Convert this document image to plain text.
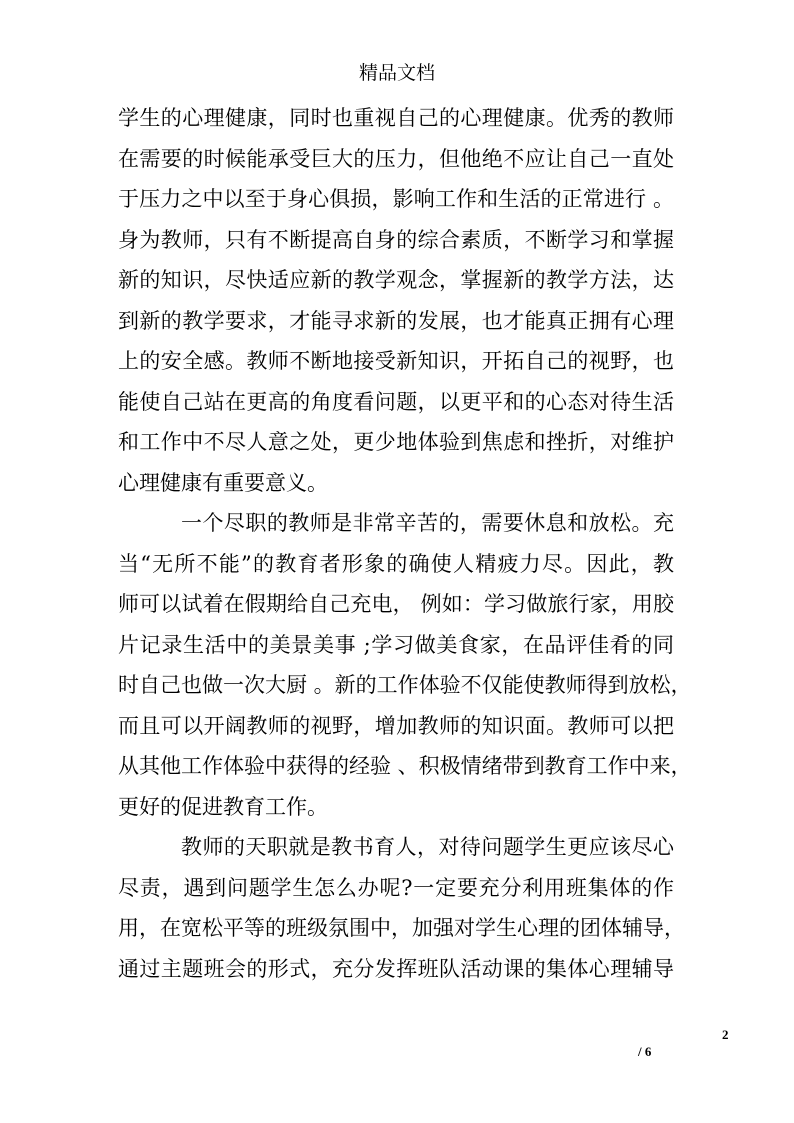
精品文档
学生的心理健康，同时也重视自己的心理健康。优秀的教师
在需要的时候能承受巨大的压力，但他绝不应让自己一直处
于压力之中以至于身心俱损，影响工作和生活的正常进行 。
身为教师，只有不断提高自身的综合素质，不断学习和掌握
新的知识，尽快适应新的教学观念，掌握新的教学方法，达
到新的教学要求，才能寻求新的发展，也才能真正拥有心理
上的安全感。教师不断地接受新知识，开拓自己的视野，也
能使自己站在更高的角度看问题，以更平和的心态对待生活
和工作中不尽人意之处，更少地体验到焦虑和挫折，对维护
心理健康有重要意义。
一个尽职的教师是非常辛苦的，需要休息和放松。充
当“无所不能”的教育者形象的确使人精疲力尽。因此，教
师可以试着在假期给自己充电， 例如：学习做旅行家，用胶
片记录生活中的美景美事 ;学习做美食家，在品评佳肴的同
时自己也做一次大厨 。新的工作体验不仅能使教师得到放松，
而且可以开阔教师的视野，增加教师的知识面。教师可以把
从其他工作体验中获得的经验 、积极情绪带到教育工作中来，
更好的促进教育工作。
教师的天职就是教书育人，对待问题学生更应该尽心
尽责，遇到问题学生怎么办呢?一定要充分利用班集体的作
用，在宽松平等的班级氛围中，加强对学生心理的团体辅导，
通过主题班会的形式，充分发挥班队活动课的集体心理辅导
2
/ 6
